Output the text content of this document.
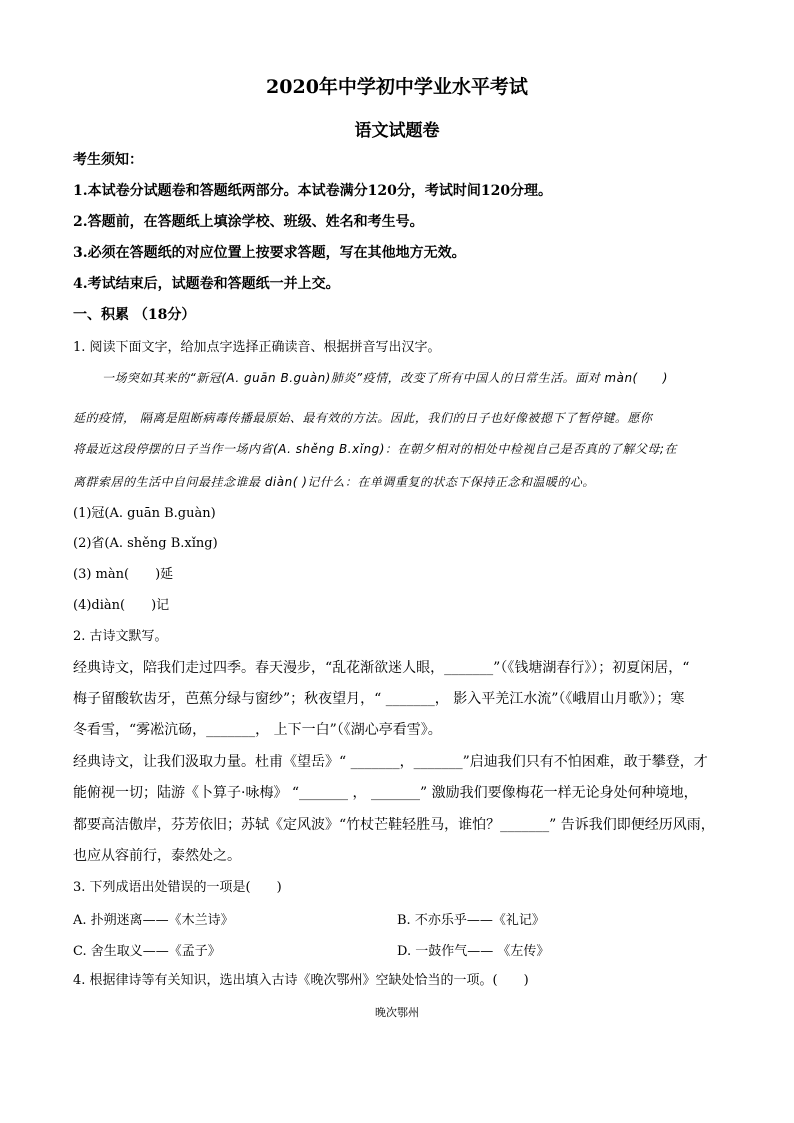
2020年中学初中学业水平考试
语文试题卷
考生须知：
1.本试卷分试题卷和答题纸两部分。本试卷满分120分，考试时间120分理。
2.答题前，在答题纸上填涂学校、班级、姓名和考生号。
3.必须在答题纸的对应位置上按要求答题，写在其他地方无效。
4.考试结束后，试题卷和答题纸一并上交。
一、积累 （18分）
1. 阅读下面文字，给加点字选择正确读音、根据拼音写出汉字。
一场突如其来的“新冠(A. guān B.guàn)肺炎”疫情，改变了所有中国人的日常生活。面对 màn(　　)
延的疫情， 隔离是阻断病毒传播最原始、最有效的方法。因此，我们的日子也好像被摁下了暂停键。愿你
将最近这段停摆的日子当作一场内省(A. shěng B.xǐng)：在朝夕相对的相处中检视自己是否真的了解父母;在
离群索居的生活中自问最挂念谁最 diàn( )记什么：在单调重复的状态下保持正念和温暖的心。
(1)冠(A. guān B.guàn)
(2)省(A. shěng B.xǐng)
(3) màn(　　)延
(4)diàn(　　)记
2. 古诗文默写。
经典诗文，陪我们走过四季。春天漫步，“乱花渐欲迷人眼，_______”（《钱塘湖春行》）；初夏闲居，“
梅子留酸软齿牙，芭蕉分绿与窗纱”；秋夜望月，“ _______， 影入平羌江水流”（《峨眉山月歌》）；寒
冬看雪，“雾凇沆砀，_______， 上下一白”（《湖心亭看雪》。
经典诗文，让我们汲取力量。杜甫《望岳》“ _______，_______”启迪我们只有不怕困难，敢于攀登，才
能俯视一切；陆游《卜算子·咏梅》 “_______ ， _______” 激励我们要像梅花一样无论身处何种境地，
都要高洁傲岸，芬芳依旧；苏轼《定风波》“竹杖芒鞋轻胜马，谁怕？_______” 告诉我们即便经历风雨，
也应从容前行，泰然处之。
3. 下列成语出处错误的一项是(　　)
A. 扑朔迷离——《木兰诗》	B. 不亦乐乎——《礼记》
C. 舍生取义——《孟子》	D. 一鼓作气—— 《左传》
4. 根据律诗等有关知识，选出填入古诗《晚次鄂州》空缺处恰当的一项。(　　)
晚次鄂州
